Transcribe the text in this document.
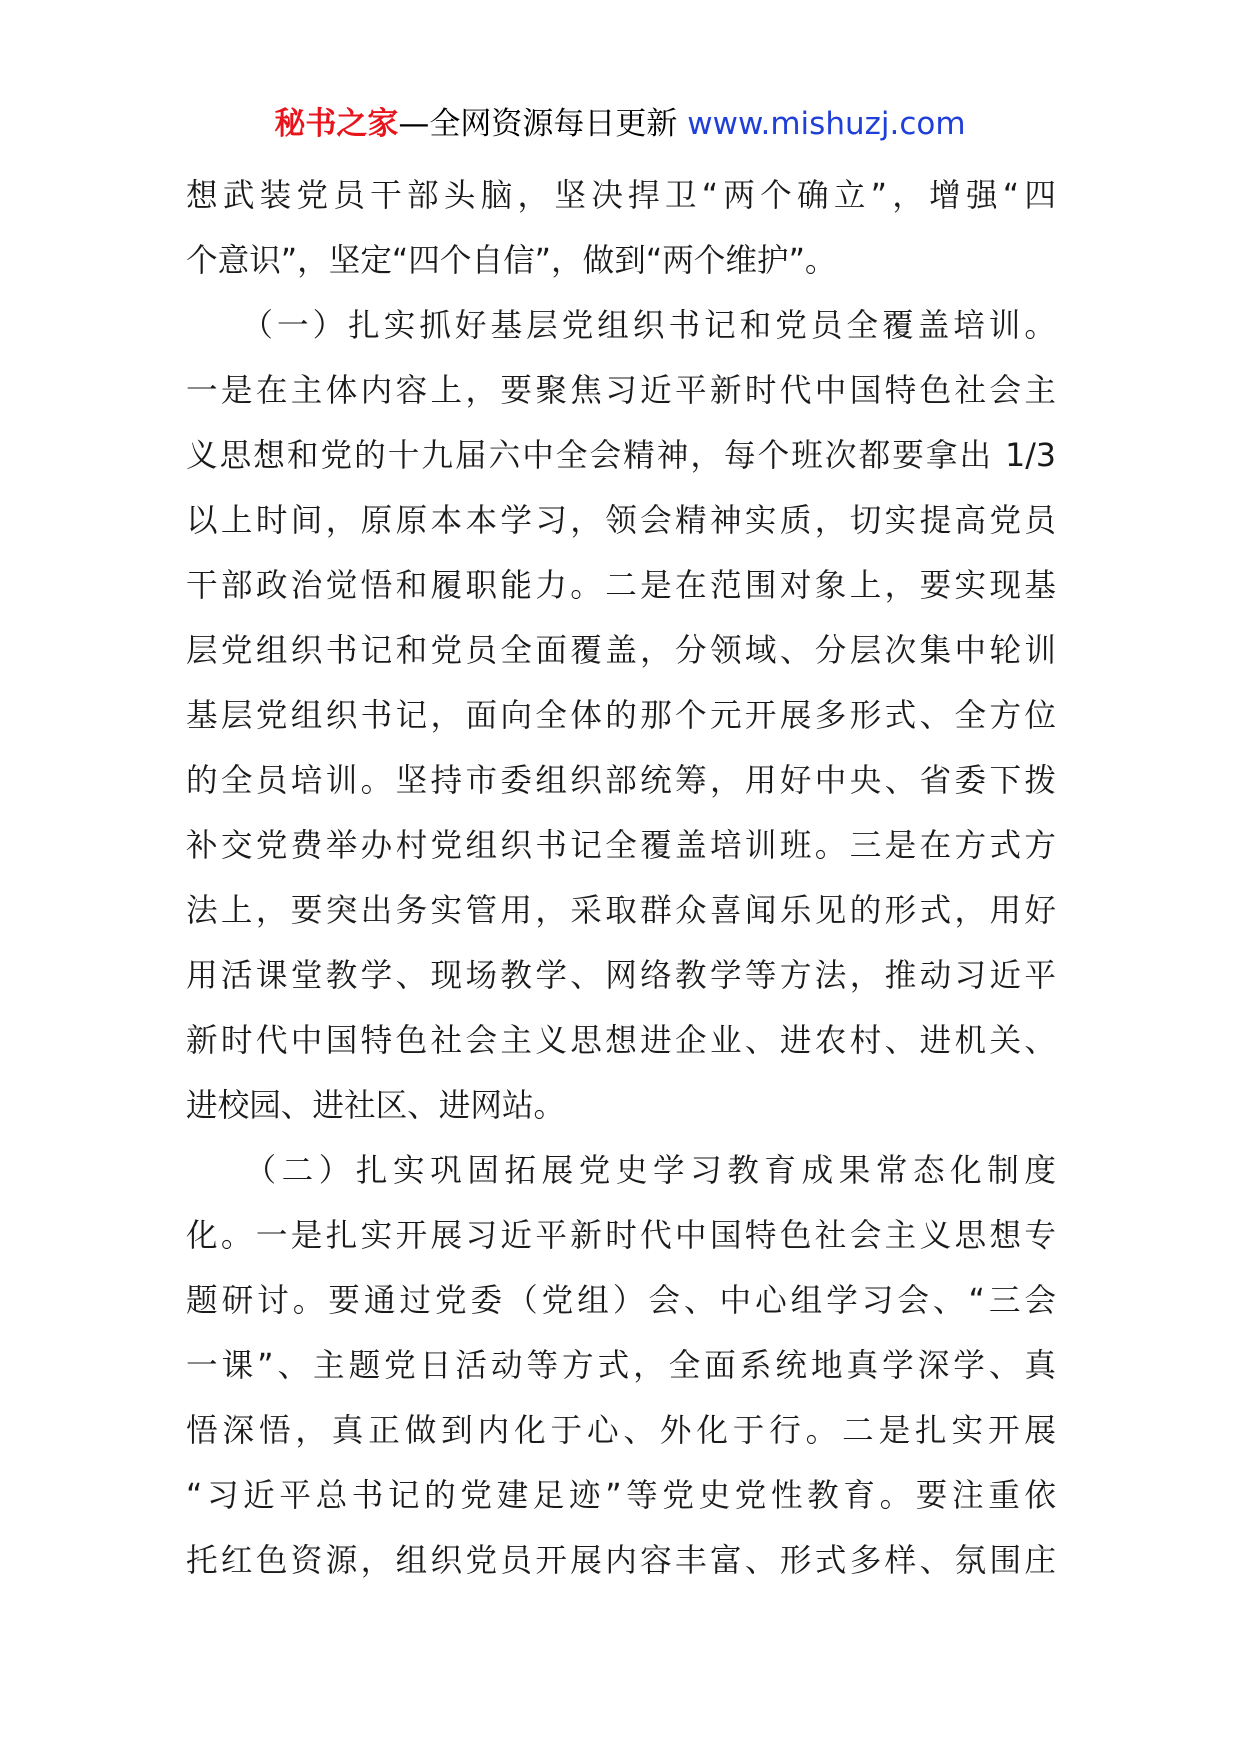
秘书之家—全网资源每日更新 www.mishuzj.com
想武装党员干部头脑，坚决捍卫“两个确立”，增强“四
个意识”，坚定“四个自信”，做到“两个维护”。
　　（一）扎实抓好基层党组织书记和党员全覆盖培训。
一是在主体内容上，要聚焦习近平新时代中国特色社会主
义思想和党的十九届六中全会精神，每个班次都要拿出 1/3
以上时间，原原本本学习，领会精神实质，切实提高党员
干部政治觉悟和履职能力。二是在范围对象上，要实现基
层党组织书记和党员全面覆盖，分领域、分层次集中轮训
基层党组织书记，面向全体的那个元开展多形式、全方位
的全员培训。坚持市委组织部统筹，用好中央、省委下拨
补交党费举办村党组织书记全覆盖培训班。三是在方式方
法上，要突出务实管用，采取群众喜闻乐见的形式，用好
用活课堂教学、现场教学、网络教学等方法，推动习近平
新时代中国特色社会主义思想进企业、进农村、进机关、
进校园、进社区、进网站。
　　（二）扎实巩固拓展党史学习教育成果常态化制度
化。一是扎实开展习近平新时代中国特色社会主义思想专
题研讨。要通过党委（党组）会、中心组学习会、“三会
一课”、主题党日活动等方式，全面系统地真学深学、真
悟深悟，真正做到内化于心、外化于行。二是扎实开展
“习近平总书记的党建足迹”等党史党性教育。要注重依
托红色资源，组织党员开展内容丰富、形式多样、氛围庄
